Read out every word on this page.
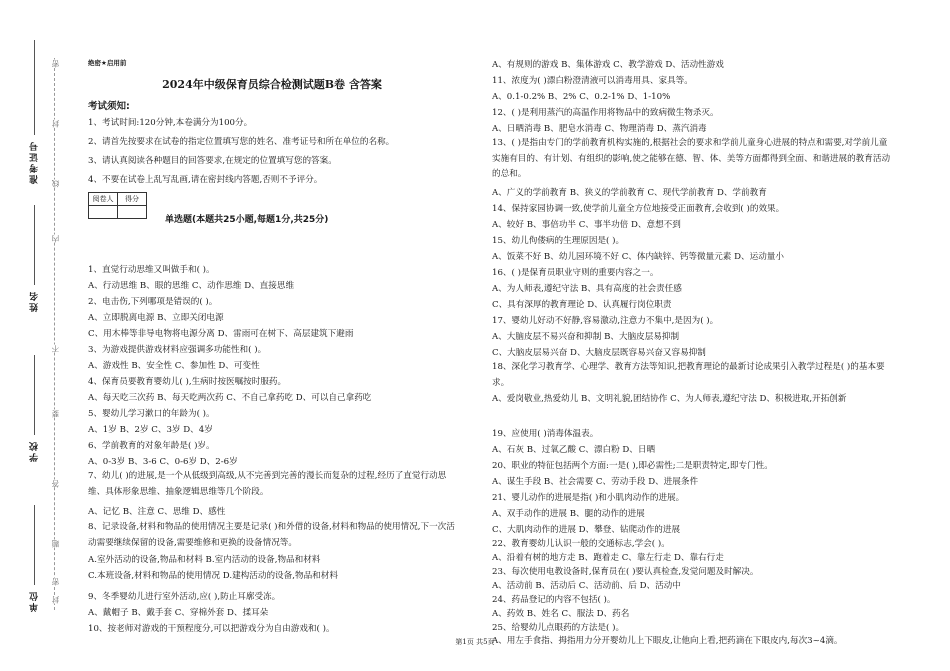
准考证号
姓名
学校
单位
密
封
线
内
不
要
答
题
密
封
绝密★启用前
2024年中级保育员综合检测试题B卷 含答案
考试须知:
1、考试时间:120分钟,本卷满分为100分。
2、请首先按要求在试卷的指定位置填写您的姓名、准考证号和所在单位的名称。
3、请认真阅读各种题目的回答要求,在规定的位置填写您的答案。
4、不要在试卷上乱写乱画,请在密封线内答题,否则不予评分。
阅卷人	得分

单选题(本题共25小题,每题1分,共25分)
1、直觉行动思维又叫做手和( )。
A、行动思维 B、眼的思维 C、动作思维 D、直接思维
2、电击伤,下列哪项是错误的( )。
A、立即脱离电源 B、立即关闭电源
C、用木棒等非导电物将电源分离 D、雷雨可在树下、高层建筑下避雨
3、为游戏提供游戏材料应强调多功能性和( )。
A、游戏性 B、安全性 C、参加性 D、可变性
4、保育员要教育婴幼儿( ),生病时按医嘱按时服药。
A、每天吃三次药 B、每天吃两次药 C、不自己拿药吃 D、可以自己拿药吃
5、婴幼儿学习漱口的年龄为( )。
A、1岁 B、2岁 C、3岁 D、4岁
6、学前教育的对象年龄是( )岁。
A、0-3岁 B、3-6 C、0-6岁 D、2-6岁
7、幼儿( )的进展,是一个从低级到高级,从不完善到完善的漫长而复杂的过程,经历了直觉行动思维、具体形象思维、抽象逻辑思维等几个阶段。
A、记忆 B、注意 C、思维 D、感性
8、记录设备,材料和物品的使用情况主要是记录( )和外借的设备,材料和物品的使用情况,下一次活动需要继续保留的设备,需要维修和更换的设备情况等。
A.室外活动的设备,物品和材料 B.室内活动的设备,物品和材料
C.本班设备,材料和物品的使用情况 D.建构活动的设备,物品和材料
9、冬季婴幼儿进行室外活动,应( ),防止耳廓受冻。
A、戴帽子 B、戴手套 C、穿棉外套 D、揉耳朵
10、按老师对游戏的干预程度分,可以把游戏分为自由游戏和( )。
A、有规则的游戏 B、集体游戏 C、教学游戏 D、活动性游戏
11、浓度为( )漂白粉澄清液可以消毒用具、家具等。
A、0.1-0.2% B、2% C、0.2-1% D、1-10%
12、( )是利用蒸汽的高温作用将物品中的致病微生物杀灭。
A、日晒消毒 B、肥皂水消毒 C、物理消毒 D、蒸汽消毒
13、( )是指由专门的学前教育机构实施的,根据社会的要求和学前儿童身心进展的特点和需要,对学前儿童实施有目的、有计划、有组织的影响,使之能够在德、智、体、美等方面都得到全面、和谐进展的教育活动的总和。
A、广义的学前教育 B、狭义的学前教育 C、现代学前教育 D、学前教育
14、保持家园协调一致,使学前儿童全方位地接受正面教育,会收到( )的效果。
A、较好 B、事倍功半 C、事半功倍 D、意想不到
15、幼儿佝偻病的生理原因是( )。
A、饭菜不好 B、幼儿园环境不好 C、体内缺锌、钙等微量元素 D、运动量小
16、( )是保育员职业守则的重要内容之一。
A、为人师表,遵纪守法 B、具有高度的社会责任感
C、具有深厚的教育理论 D、认真履行岗位职责
17、婴幼儿好动不好静,容易激动,注意力不集中,是因为( )。
A、大脑皮层不易兴奋和抑制 B、大脑皮层易抑制
C、大脑皮层易兴奋 D、大脑皮层既容易兴奋又容易抑制
18、深化学习教育学、心理学、教育方法等知识,把教育理论的最新讨论成果引入教学过程是( )的基本要求。
A、爱岗敬业,热爱幼儿 B、文明礼貌,团结协作 C、为人师表,遵纪守法 D、积极进取,开拓创新
19、应使用( )消毒体温表。
A、石灰 B、过氧乙酸 C、漂白粉 D、日晒
20、职业的特征包括两个方面:一是( ),即必需性;二是职责特定,即专门性。
A、谋生手段 B、社会需要 C、劳动手段 D、进展条件
21、婴儿动作的进展是指( )和小肌肉动作的进展。
A、双手动作的进展 B、腿的动作的进展
C、大肌肉动作的进展 D、攀登、钻爬动作的进展
22、教育婴幼儿认识一般的交通标志,学会( )。
A、沿着有树的地方走 B、跑着走 C、靠左行走 D、靠右行走
23、每次使用电教设备时,保育员在( )要认真检查,发觉问题及时解决。
A、活动前 B、活动后 C、活动前、后 D、活动中
24、药品登记的内容不包括( )。
A、药效 B、姓名 C、服法 D、药名
25、给婴幼儿点眼药的方法是( )。
A、用左手食指、拇指用力分开婴幼儿上下眼皮,让他向上看,把药滴在下眼皮内,每次3~4滴。
第1页 共5页
